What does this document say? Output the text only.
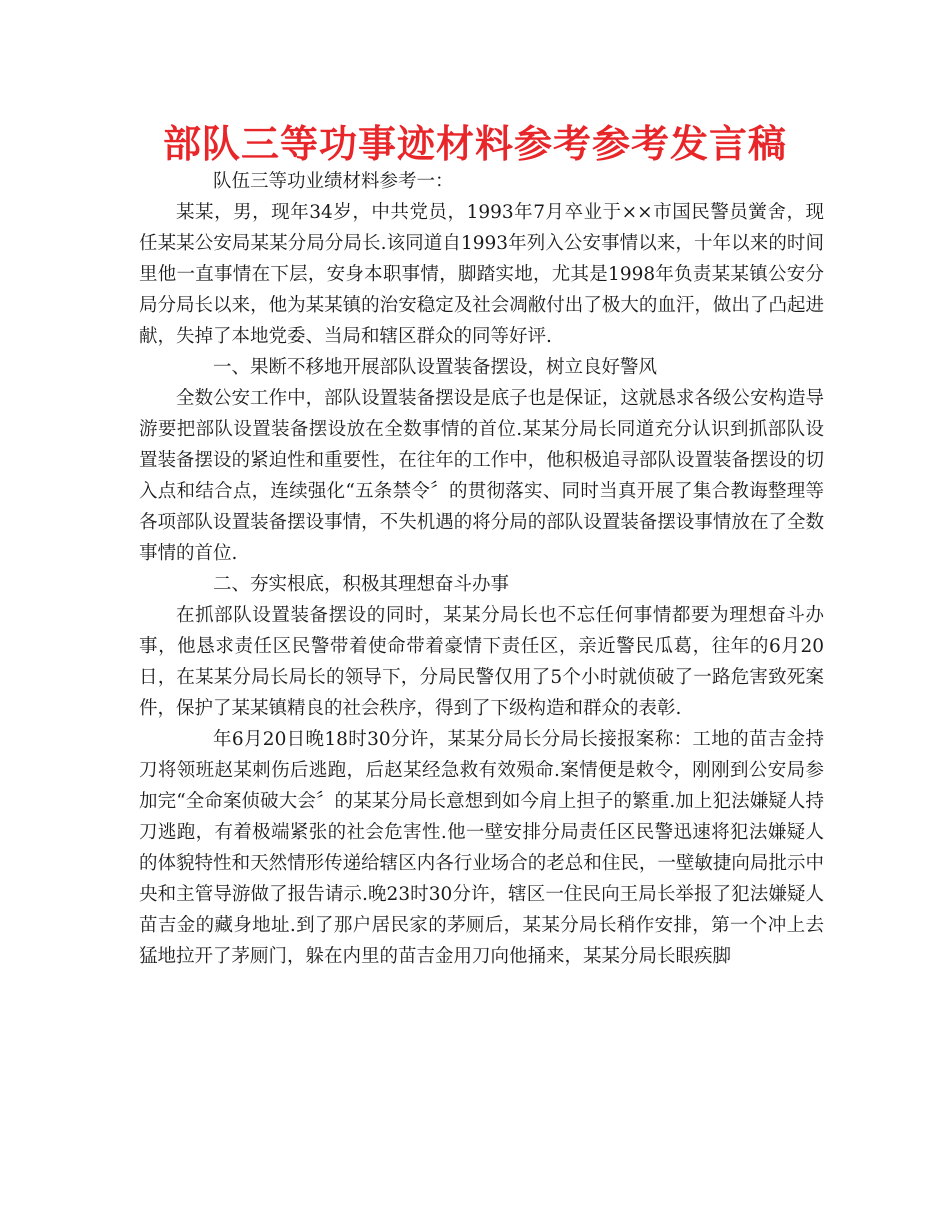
部队三等功事迹材料参考参考发言稿

队伍三等功业绩材料参考一：

某某，男，现年34岁，中共党员，1993年7月卒业于××市国民警员黉舍，现任某某公安局某某分局分局长.该同道自1993年列入公安事情以来，十年以来的时间里他一直事情在下层，安身本职事情，脚踏实地，尤其是1998年负责某某镇公安分局分局长以来，他为某某镇的治安稳定及社会凋敝付出了极大的血汗，做出了凸起进献，失掉了本地党委、当局和辖区群众的同等好评.

一、果断不移地开展部队设置装备摆设，树立良好警风

全数公安工作中，部队设置装备摆设是底子也是保证，这就恳求各级公安构造导游要把部队设置装备摆设放在全数事情的首位.某某分局长同道充分认识到抓部队设置装备摆设的紧迫性和重要性，在往年的工作中，他积极追寻部队设置装备摆设的切入点和结合点，连续强化“五条禁令〞的贯彻落实、同时当真开展了集合教诲整理等各项部队设置装备摆设事情，不失机遇的将分局的部队设置装备摆设事情放在了全数事情的首位.

二、夯实根底，积极其理想奋斗办事

在抓部队设置装备摆设的同时，某某分局长也不忘任何事情都要为理想奋斗办事，他恳求责任区民警带着使命带着豪情下责任区，亲近警民瓜葛，往年的6月20日，在某某分局长局长的领导下，分局民警仅用了5个小时就侦破了一路危害致死案件，保护了某某镇精良的社会秩序，得到了下级构造和群众的表彰.

年6月20日晚18时30分许，某某分局长分局长接报案称：工地的苗吉金持刀将领班赵某刺伤后逃跑，后赵某经急救有效殒命.案情便是敕令，刚刚到公安局参加完“全命案侦破大会〞的某某分局长意想到如今肩上担子的繁重.加上犯法嫌疑人持刀逃跑，有着极端紧张的社会危害性.他一壁安排分局责任区民警迅速将犯法嫌疑人的体貌特性和天然情形传递给辖区内各行业场合的老总和住民，一壁敏捷向局批示中央和主管导游做了报告请示.晚23时30分许，辖区一住民向王局长举报了犯法嫌疑人苗吉金的藏身地址.到了那户居民家的茅厕后，某某分局长稍作安排，第一个冲上去猛地拉开了茅厕门，躲在内里的苗吉金用刀向他捅来，某某分局长眼疾脚
